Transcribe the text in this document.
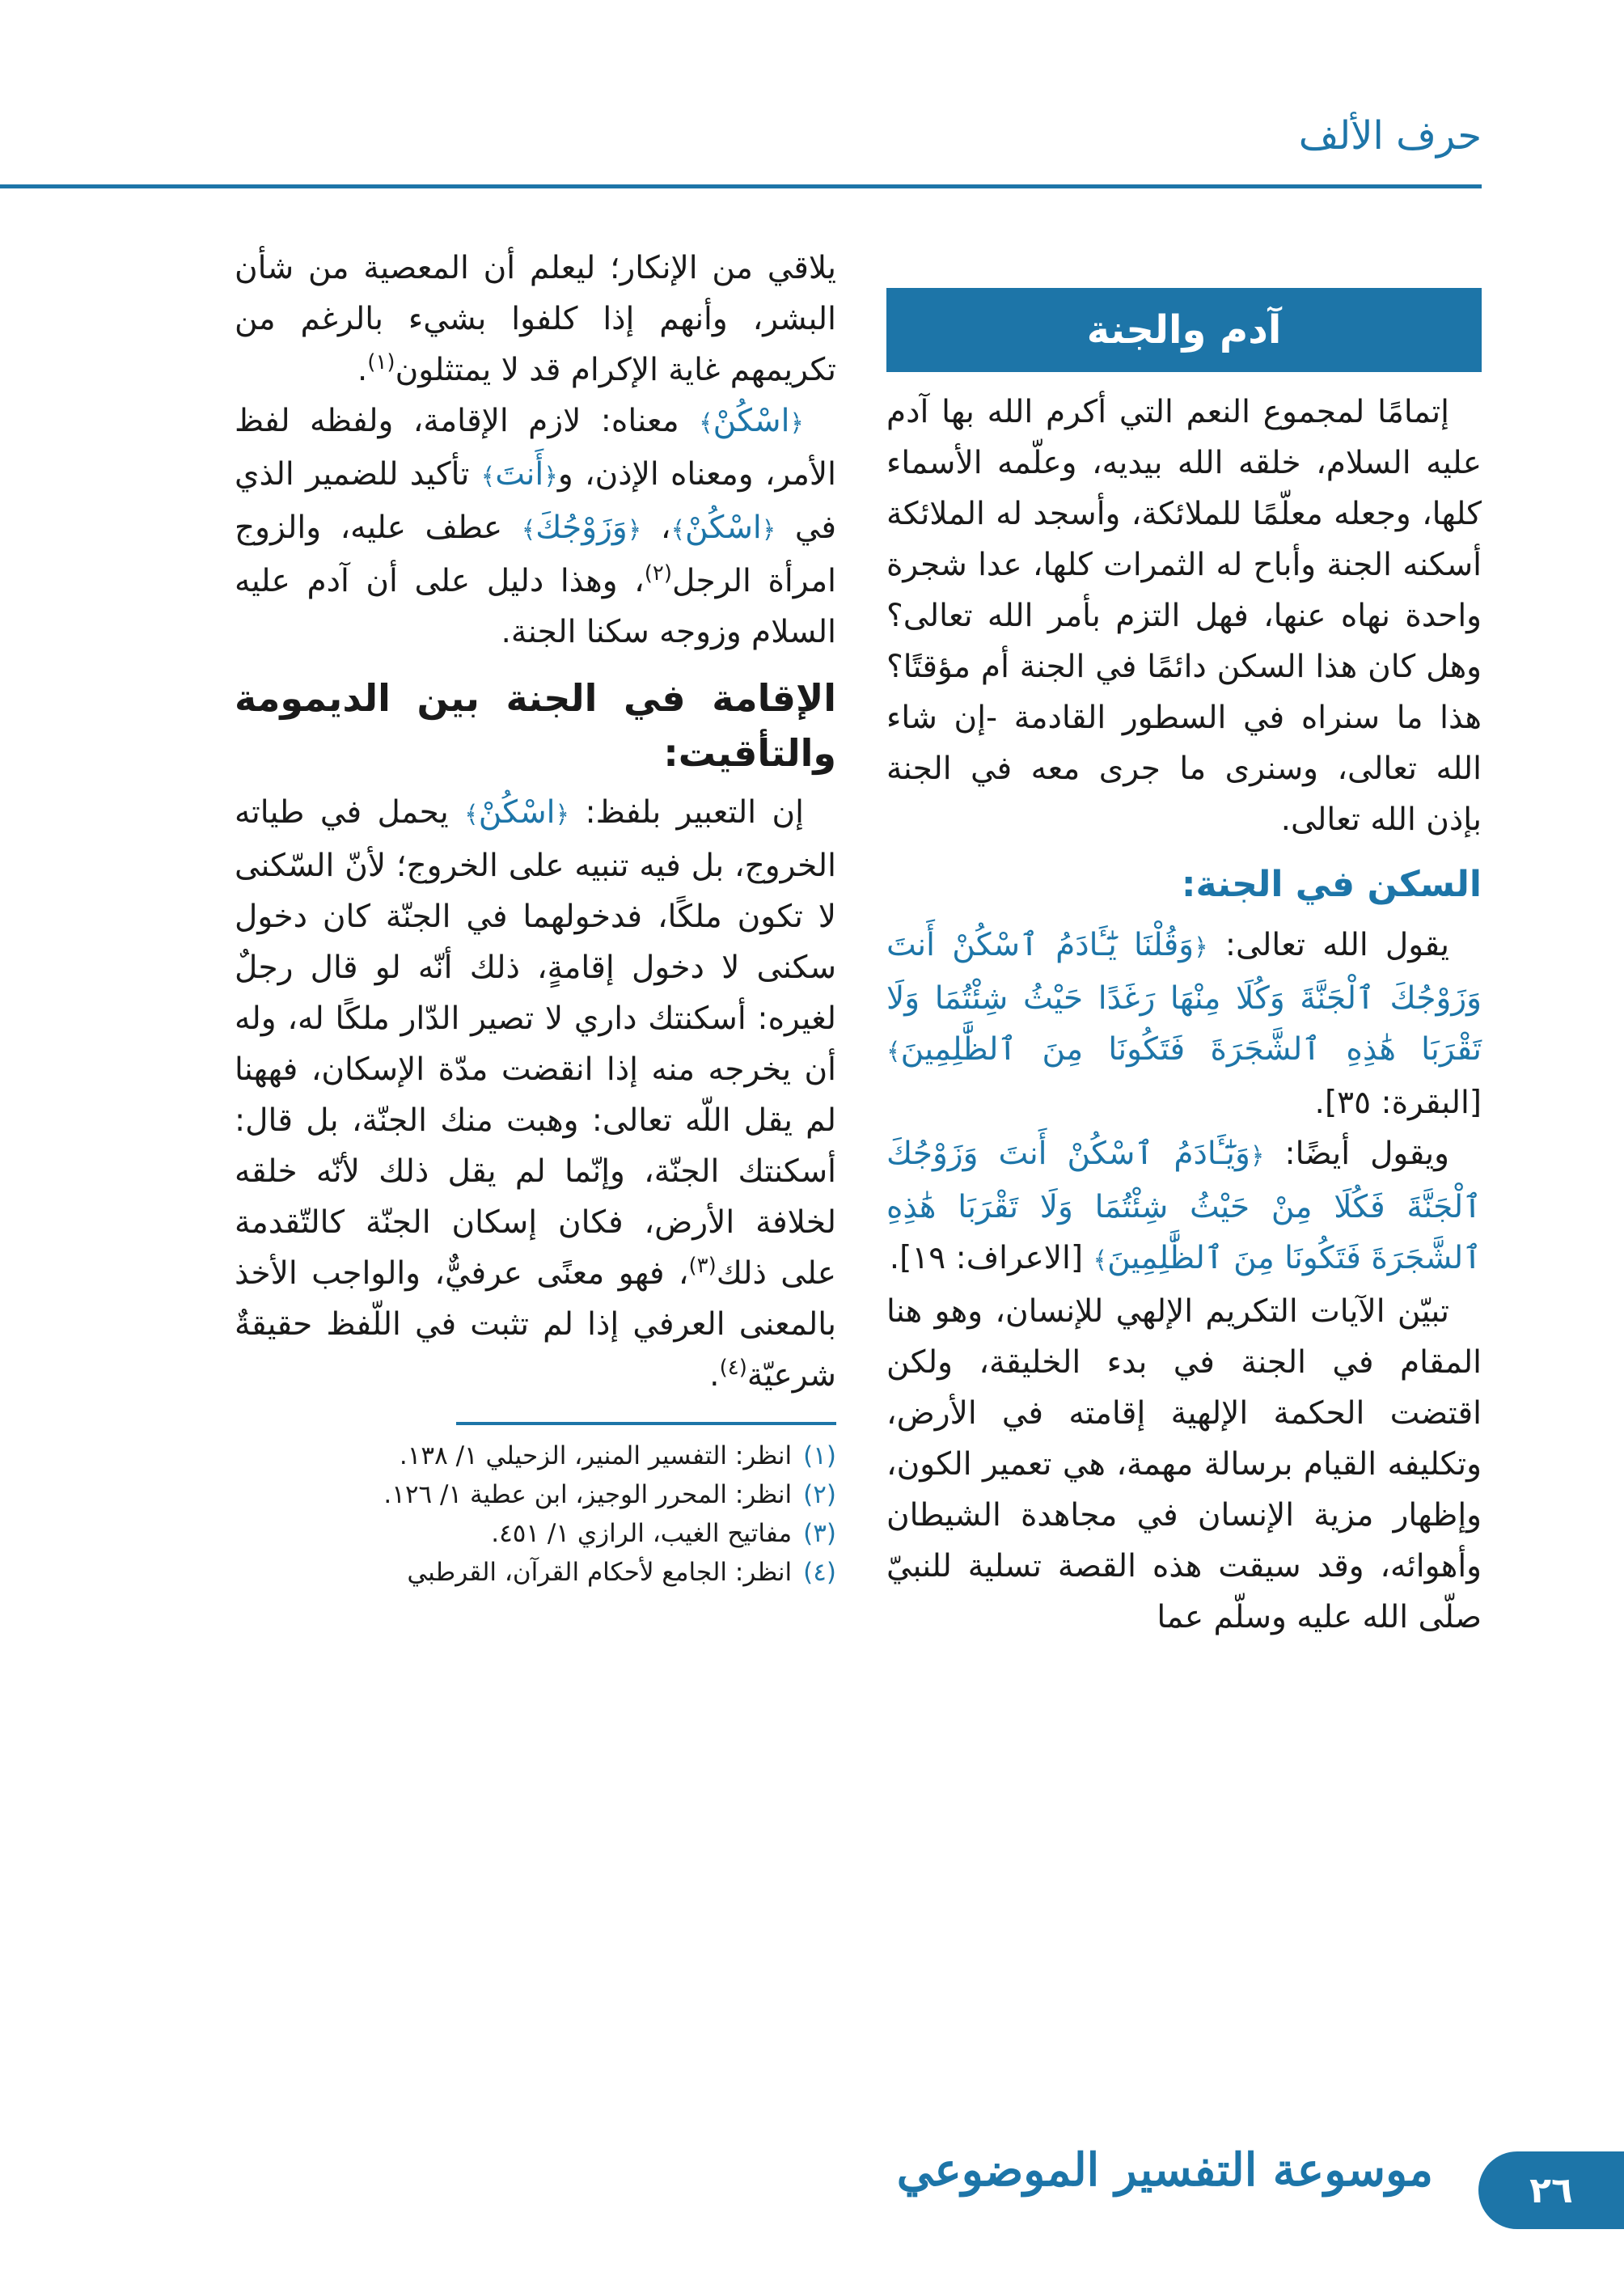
حرف الألف
آدم والجنة

إتمامًا لمجموع النعم التي أكرم الله بها آدم عليه السلام، خلقه الله بيديه، وعلّمه الأسماء كلها، وجعله معلّمًا للملائكة، وأسجد له الملائكة أسكنه الجنة وأباح له الثمرات كلها، عدا شجرة واحدة نهاه عنها، فهل التزم بأمر الله تعالى؟ وهل كان هذا السكن دائمًا في الجنة أم مؤقتًا؟ هذا ما سنراه في السطور القادمة -إن شاء الله تعالى، وسنرى ما جرى معه في الجنة بإذن الله تعالى.

السكن في الجنة:

يقول الله تعالى: ﴿وَقُلْنَا يَٰٓـَٔادَمُ ٱسْكُنْ أَنتَ وَزَوْجُكَ ٱلْجَنَّةَ وَكُلَا مِنْهَا رَغَدًا حَيْثُ شِئْتُمَا وَلَا تَقْرَبَا هَٰذِهِ ٱلشَّجَرَةَ فَتَكُونَا مِنَ ٱلظَّٰلِمِينَ﴾ [البقرة: ٣٥].

ويقول أيضًا: ﴿وَيَٰٓـَٔادَمُ ٱسْكُنْ أَنتَ وَزَوْجُكَ ٱلْجَنَّةَ فَكُلَا مِنْ حَيْثُ شِئْتُمَا وَلَا تَقْرَبَا هَٰذِهِ ٱلشَّجَرَةَ فَتَكُونَا مِنَ ٱلظَّٰلِمِينَ﴾ [الاعراف: ١٩].

تبيّن الآيات التكريم الإلهي للإنسان، وهو هنا المقام في الجنة في بدء الخليقة، ولكن اقتضت الحكمة الإلهية إقامته في الأرض، وتكليفه القيام برسالة مهمة، هي تعمير الكون، وإظهار مزية الإنسان في مجاهدة الشيطان وأهوائه، وقد سيقت هذه القصة تسلية للنبيّ صلّى الله عليه وسلّم عما

يلاقي من الإنكار؛ ليعلم أن المعصية من شأن البشر، وأنهم إذا كلفوا بشيء بالرغم من تكريمهم غاية الإكرام قد لا يمتثلون$^{(١)}$.

﴿اسْكُنْ﴾ معناه: لازم الإقامة، ولفظه لفظ الأمر، ومعناه الإذن، و﴿أَنتَ﴾ تأكيد للضمير الذي في ﴿اسْكُنْ﴾، ﴿وَزَوْجُكَ﴾ عطف عليه، والزوج امرأة الرجل$^{(٢)}$، وهذا دليل على أن آدم عليه السلام وزوجه سكنا الجنة.

الإقامة في الجنة بين الديمومة والتأقيت:

إن التعبير بلفظ: ﴿اسْكُنْ﴾ يحمل في طياته الخروج، بل فيه تنبيه على الخروج؛ لأنّ السّكنى لا تكون ملكًا، فدخولهما في الجنّة كان دخول سكنى لا دخول إقامةٍ، ذلك أنّه لو قال رجلٌ لغيره: أسكنتك داري لا تصير الدّار ملكًا له، وله أن يخرجه منه إذا انقضت مدّة الإسكان، فههنا لم يقل اللّه تعالى: وهبت منك الجنّة، بل قال: أسكنتك الجنّة، وإنّما لم يقل ذلك لأنّه خلقه لخلافة الأرض، فكان إسكان الجنّة كالتّقدمة على ذلك$^{(٣)}$، فهو معنًى عرفيٌّ، والواجب الأخذ بالمعنى العرفي إذا لم تثبت في اللّفظ حقيقةٌ شرعيّة$^{(٤)}$.

(١)انظر: التفسير المنير، الزحيلي ١/ ١٣٨.

(٢)انظر: المحرر الوجيز، ابن عطية ١/ ١٢٦.

(٣)مفاتيح الغيب، الرازي ١/ ٤٥١.

(٤)انظر: الجامع لأحكام القرآن، القرطبي

٢٦
موسوعة التفسير الموضوعي
